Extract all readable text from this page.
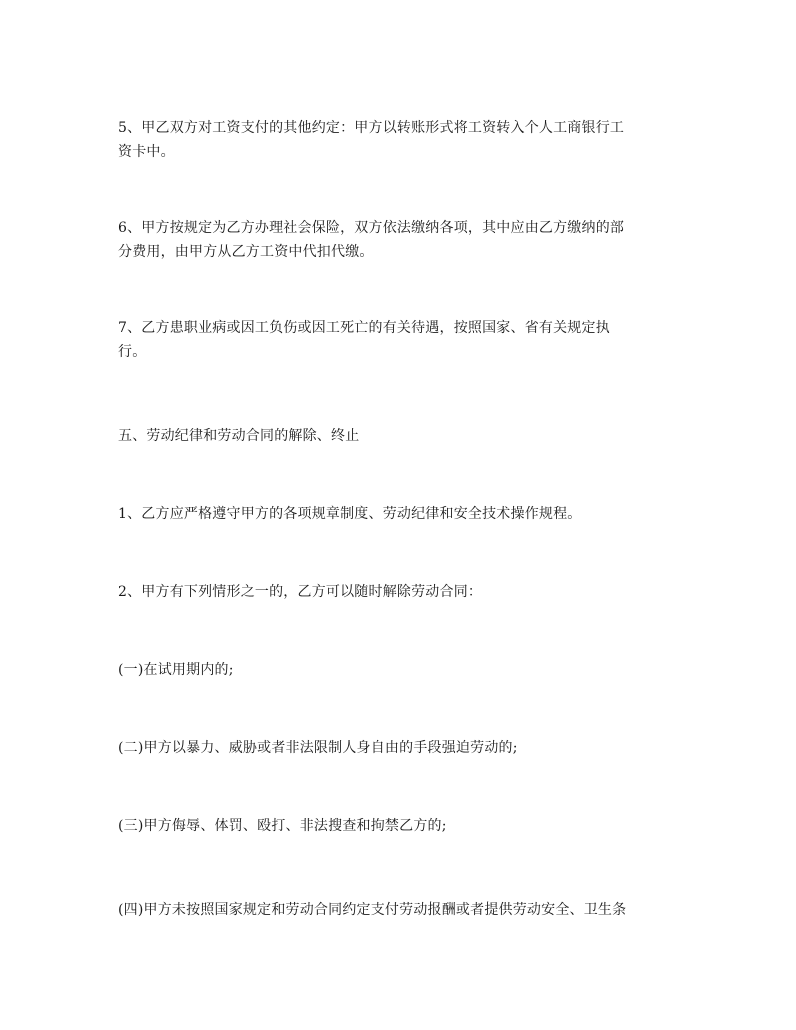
5、甲乙双方对工资支付的其他约定：甲方以转账形式将工资转入个人工商银行工
资卡中。

6、甲方按规定为乙方办理社会保险，双方依法缴纳各项，其中应由乙方缴纳的部
分费用，由甲方从乙方工资中代扣代缴。

7、乙方患职业病或因工负伤或因工死亡的有关待遇，按照国家、省有关规定执
行。

五、劳动纪律和劳动合同的解除、终止

1、乙方应严格遵守甲方的各项规章制度、劳动纪律和安全技术操作规程。

2、甲方有下列情形之一的，乙方可以随时解除劳动合同：

(一)在试用期内的;

(二)甲方以暴力、威胁或者非法限制人身自由的手段强迫劳动的;

(三)甲方侮辱、体罚、殴打、非法搜查和拘禁乙方的;

(四)甲方未按照国家规定和劳动合同约定支付劳动报酬或者提供劳动安全、卫生条
